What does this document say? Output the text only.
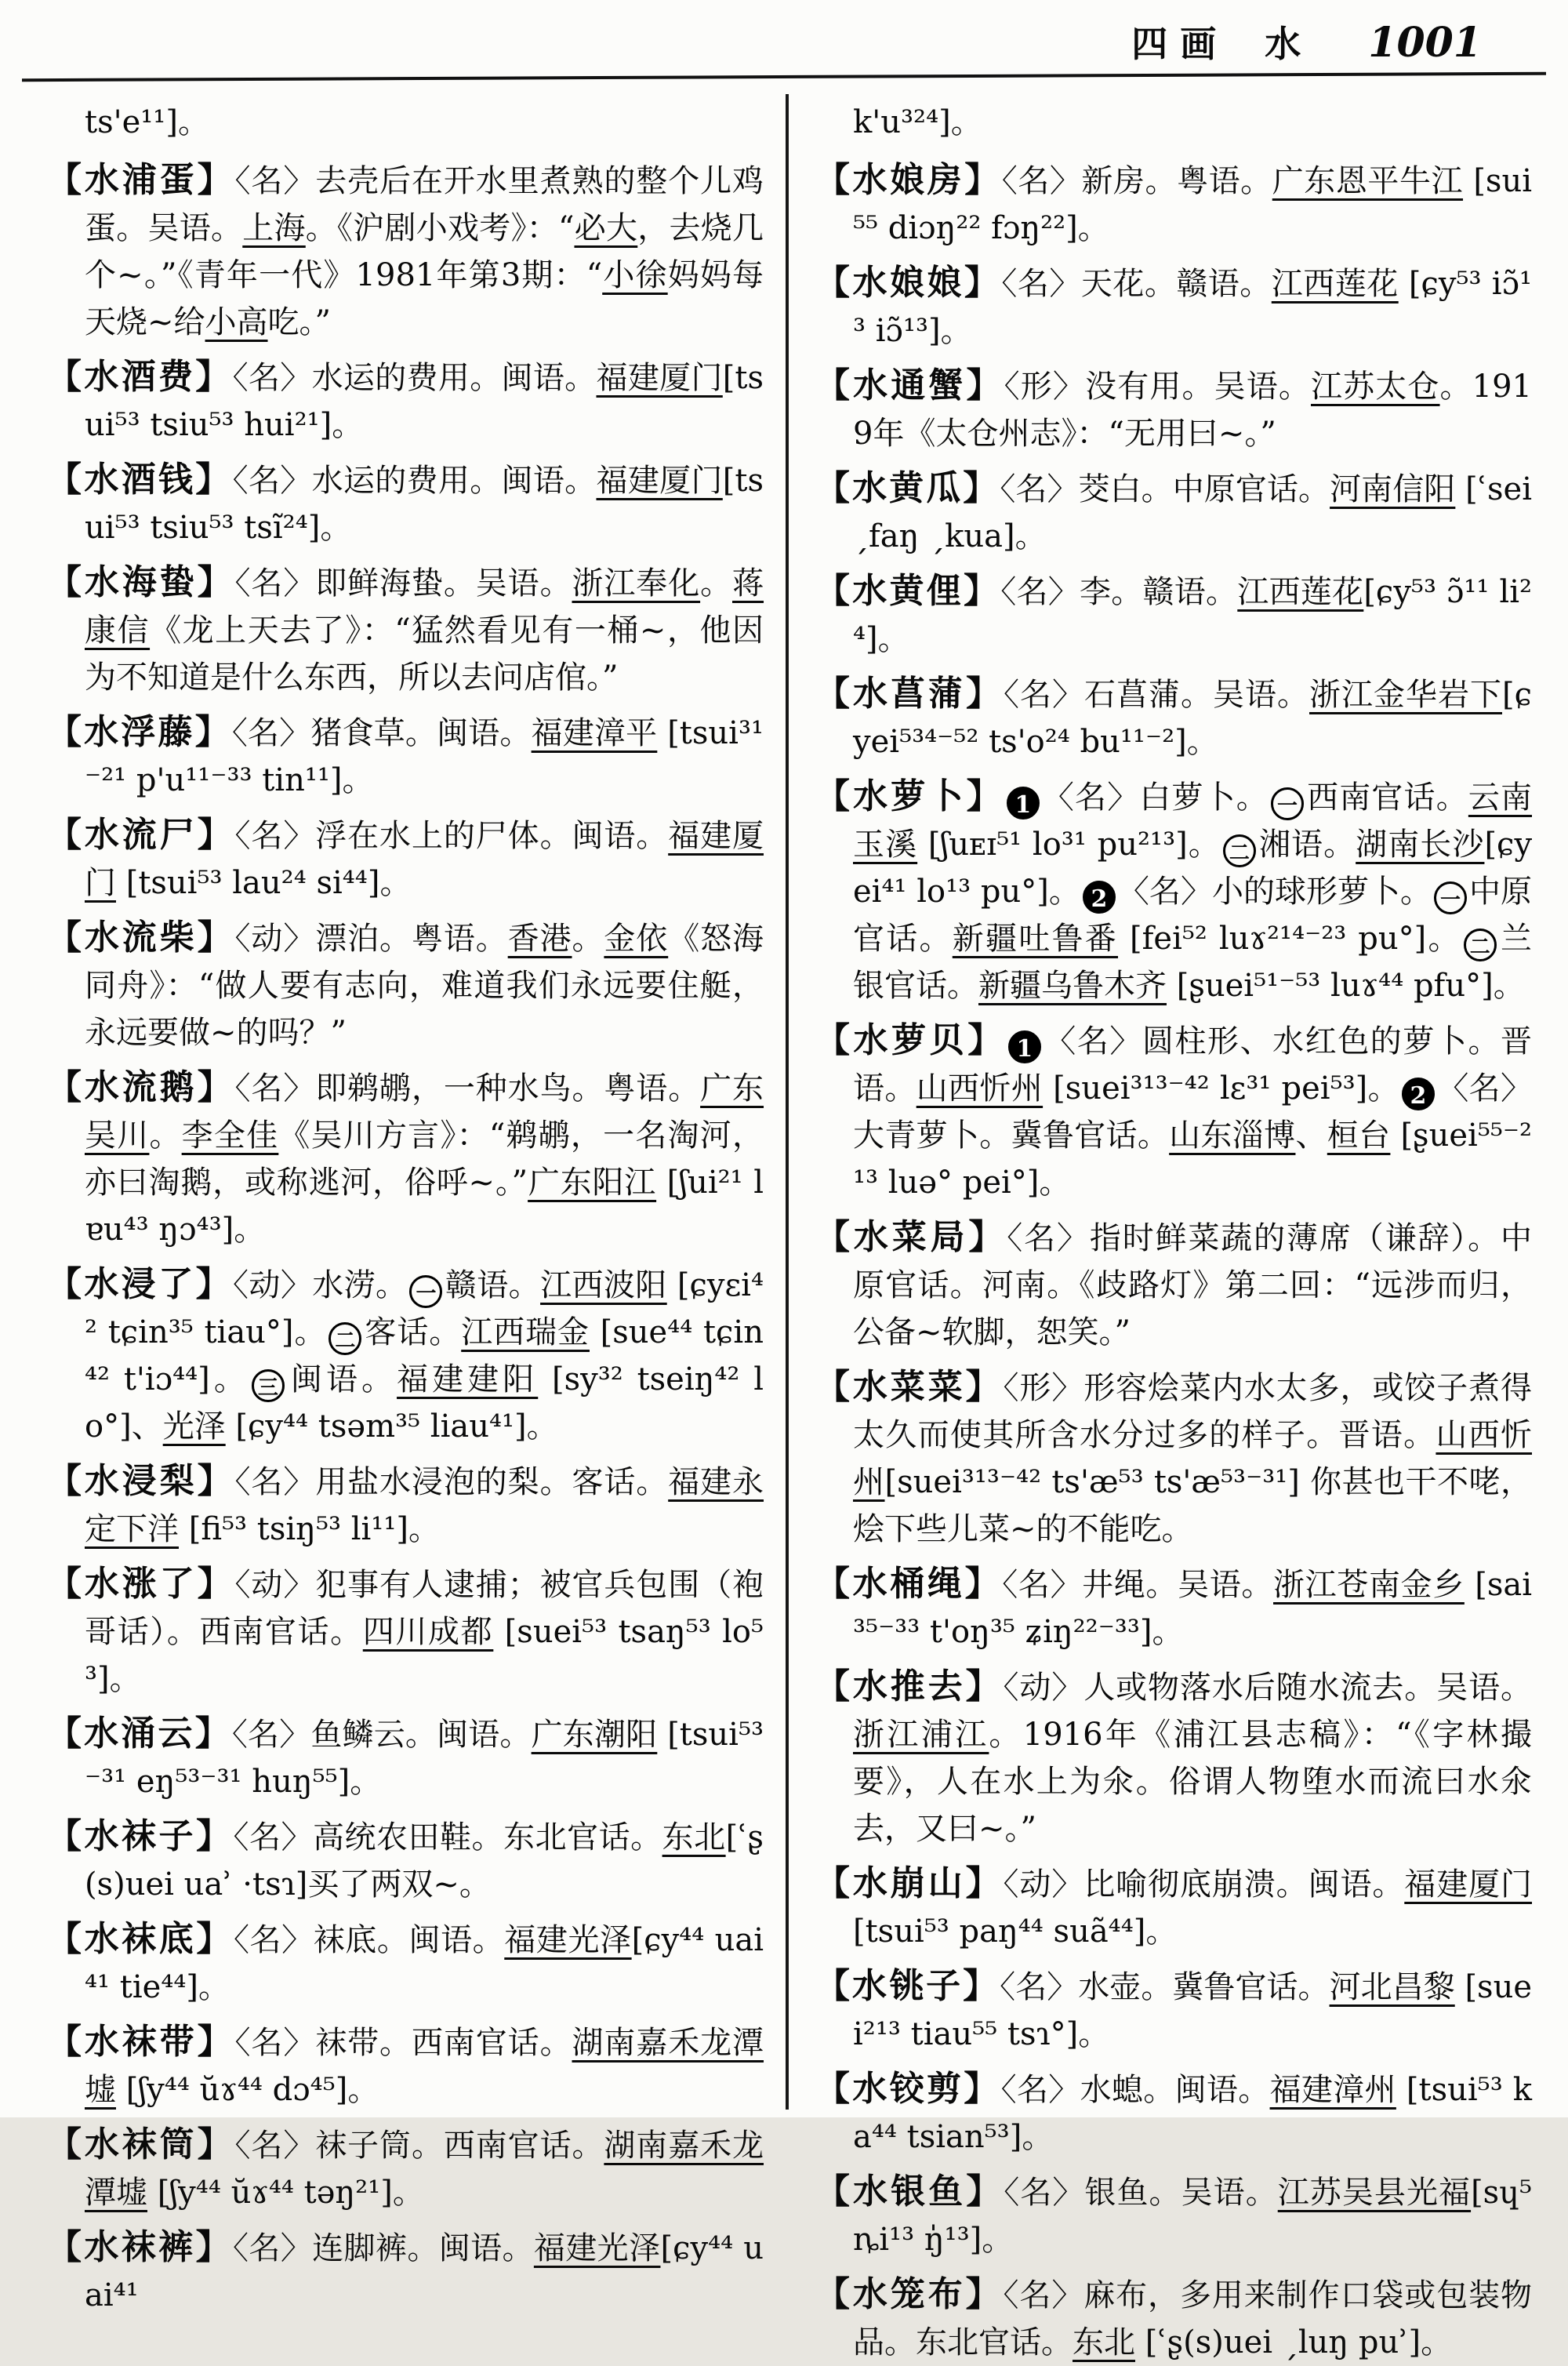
四画 水 1001
ts'e¹¹]。
【水浦蛋】〈名〉去壳后在开水里煮熟的整个儿鸡蛋。吴语。上海。《沪剧小戏考》：“必大，去烧几个~。”《青年一代》1981年第3期：“小徐妈妈每天烧~给小高吃。”
【水酒费】〈名〉水运的费用。闽语。福建厦门[tsui⁵³ tsiu⁵³ hui²¹]。
【水酒钱】〈名〉水运的费用。闽语。福建厦门[tsui⁵³ tsiu⁵³ tsĩ²⁴]。
【水海蛰】〈名〉即鲜海蛰。吴语。浙江奉化。蒋康信《龙上天去了》：“猛然看见有一桶~，他因为不知道是什么东西，所以去问店倌。”
【水浮藤】〈名〉猪食草。闽语。福建漳平 [tsui³¹⁻²¹ p'u¹¹⁻³³ tin¹¹]。
【水流尸】〈名〉浮在水上的尸体。闽语。福建厦门 [tsui⁵³ lau²⁴ si⁴⁴]。
【水流柴】〈动〉漂泊。粤语。香港。金依《怒海同舟》：“做人要有志向，难道我们永远要住艇，永远要做~的吗？”
【水流鹅】〈名〉即鹈鹕，一种水鸟。粤语。广东吴川。李全佳《吴川方言》：“鹈鹕，一名淘河，亦曰淘鹅，或称逃河，俗呼~。”广东阳江 [ʃui²¹ lɐu⁴³ ŋɔ⁴³]。
【水浸了】〈动〉水涝。 一 赣语。江西波阳 [ɕyɛi⁴² tɕin³⁵ tiau°]。 二 客话。江西瑞金 [sue⁴⁴ tɕin⁴² t'iɔ⁴⁴]。 三 闽语。福建建阳 [sy³² tseiŋ⁴² lo°]、光泽 [ɕy⁴⁴ tsəm³⁵ liau⁴¹]。
【水浸梨】〈名〉用盐水浸泡的梨。客话。福建永定下洋 [fi⁵³ tsiŋ⁵³ li¹¹]。
【水涨了】〈动〉犯事有人逮捕；被官兵包围（袍哥话）。西南官话。四川成都 [suei⁵³ tsaŋ⁵³ lo⁵³]。
【水涌云】〈名〉鱼鳞云。闽语。广东潮阳 [tsui⁵³⁻³¹ eŋ⁵³⁻³¹ huŋ⁵⁵]。
【水袜子】〈名〉高统农田鞋。东北官话。东北[ʿʂ(s)uei uaʾ ·tsɿ]买了两双~。
【水袜底】〈名〉袜底。闽语。福建光泽[ɕy⁴⁴ uai⁴¹ tie⁴⁴]。
【水袜带】〈名〉袜带。西南官话。湖南嘉禾龙潭墟 [ʃy⁴⁴ ŭɤ⁴⁴ dɔ⁴⁵]。
【水袜筒】〈名〉袜子筒。西南官话。湖南嘉禾龙潭墟 [ʃy⁴⁴ ŭɤ⁴⁴ təŋ²¹]。
【水袜裤】〈名〉连脚裤。闽语。福建光泽[ɕy⁴⁴ uai⁴¹
k'u³²⁴]。
【水娘房】〈名〉新房。粤语。广东恩平牛江 [sui⁵⁵ diɔŋ²² fɔŋ²²]。
【水娘娘】〈名〉天花。赣语。江西莲花 [ɕy⁵³ iɔ̃¹³ iɔ̃¹³]。
【水通蟹】〈形〉没有用。吴语。江苏太仓。1919年《太仓州志》：“无用曰~。”
【水黄瓜】〈名〉茭白。中原官话。河南信阳 [ʿsei ˏfaŋ ˏkua]。
【水黄俚】〈名〉李。赣语。江西莲花[ɕy⁵³ ɔ̃¹¹ li²⁴]。
【水菖蒲】〈名〉石菖蒲。吴语。浙江金华岩下[ɕyei⁵³⁴⁻⁵² ts'o²⁴ bu¹¹⁻²]。
【水萝卜】 1 〈名〉白萝卜。 一 西南官话。云南玉溪 [ʃuᴇɪ⁵¹ lo³¹ pu²¹³]。 二 湘语。湖南长沙[ɕyei⁴¹ lo¹³ pu°]。 2 〈名〉小的球形萝卜。 一 中原官话。新疆吐鲁番 [fei⁵² luɤ²¹⁴⁻²³ pu°]。 二 兰银官话。新疆乌鲁木齐 [ʂuei⁵¹⁻⁵³ luɤ⁴⁴ pfu°]。
【水萝贝】 1 〈名〉圆柱形、水红色的萝卜。晋语。山西忻州 [suei³¹³⁻⁴² lɛ³¹ pei⁵³]。 2 〈名〉大青萝卜。冀鲁官话。山东淄博、桓台 [ʂuei⁵⁵⁻²¹³ luə° pei°]。
【水菜局】〈名〉指时鲜菜蔬的薄席（谦辞）。中原官话。河南。《歧路灯》第二回：“远涉而归，公备~软脚，恕笑。”
【水菜菜】〈形〉形容烩菜内水太多，或饺子煮得太久而使其所含水分过多的样子。晋语。山西忻州[suei³¹³⁻⁴² ts'æ⁵³ ts'æ⁵³⁻³¹] 你甚也干不咾，烩下些儿菜~的不能吃。
【水桶绳】〈名〉井绳。吴语。浙江苍南金乡 [sai³⁵⁻³³ t'oŋ³⁵ ʑiŋ²²⁻³³]。
【水推去】〈动〉人或物落水后随水流去。吴语。浙江浦江。1916年《浦江县志稿》：“《字林撮要》，人在水上为氽。俗谓人物堕水而流曰水氽去，又曰~。”
【水崩山】〈动〉比喻彻底崩溃。闽语。福建厦门[tsui⁵³ paŋ⁴⁴ suã⁴⁴]。
【水铫子】〈名〉水壶。冀鲁官话。河北昌黎 [suei²¹³ tiau⁵⁵ tsɿ°]。
【水铰剪】〈名〉水螅。闽语。福建漳州 [tsui⁵³ ka⁴⁴ tsian⁵³]。
【水银鱼】〈名〉银鱼。吴语。江苏吴县光福[sɥ⁵ ȵi¹³ ŋ̍¹³]。
【水笼布】〈名〉麻布，多用来制作口袋或包装物品。东北官话。东北 [ʿʂ(s)uei ˏluŋ puʾ]。
